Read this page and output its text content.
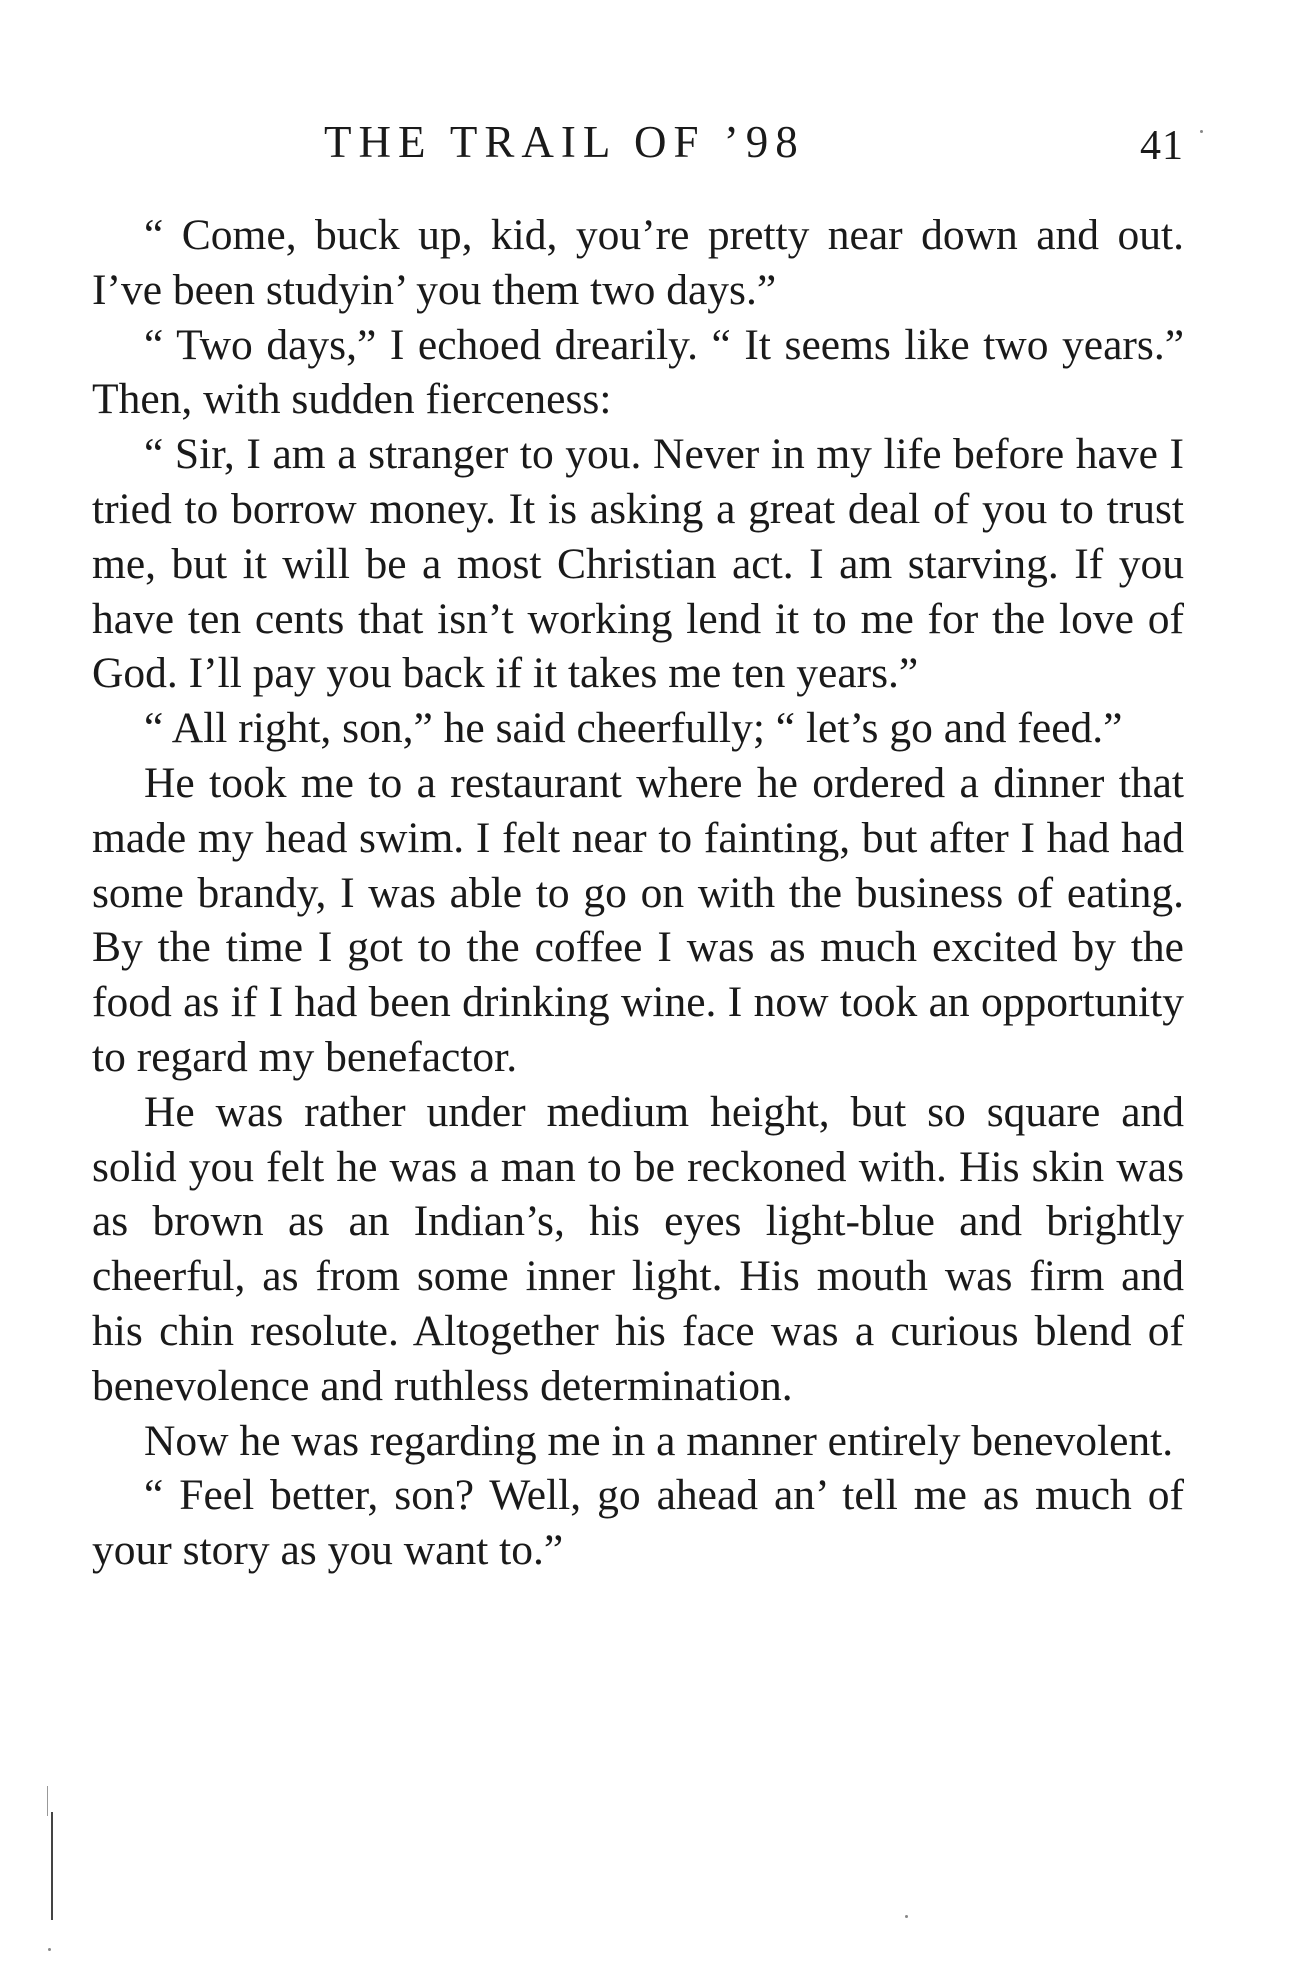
THE TRAIL OF ’98	41

“ Come, buck up, kid, you’re pretty near down and out. I’ve been studyin’ you them two days.”

“ Two days,” I echoed drearily. “ It seems like two years.” Then, with sudden fierceness:

“ Sir, I am a stranger to you. Never in my life before have I tried to borrow money. It is asking a great deal of you to trust me, but it will be a most Christian act. I am starving. If you have ten cents that isn’t working lend it to me for the love of God. I’ll pay you back if it takes me ten years.”

“ All right, son,” he said cheerfully; “ let’s go and feed.”

He took me to a restaurant where he ordered a dinner that made my head swim. I felt near to fainting, but after I had had some brandy, I was able to go on with the business of eating. By the time I got to the coffee I was as much excited by the food as if I had been drinking wine. I now took an opportunity to regard my benefactor.

He was rather under medium height, but so square and solid you felt he was a man to be reckoned with. His skin was as brown as an Indian’s, his eyes light-blue and brightly cheerful, as from some inner light. His mouth was firm and his chin resolute. Altogether his face was a curious blend of benevolence and ruthless determination.

Now he was regarding me in a manner entirely benevolent.

“ Feel better, son? Well, go ahead an’ tell me as much of your story as you want to.”
